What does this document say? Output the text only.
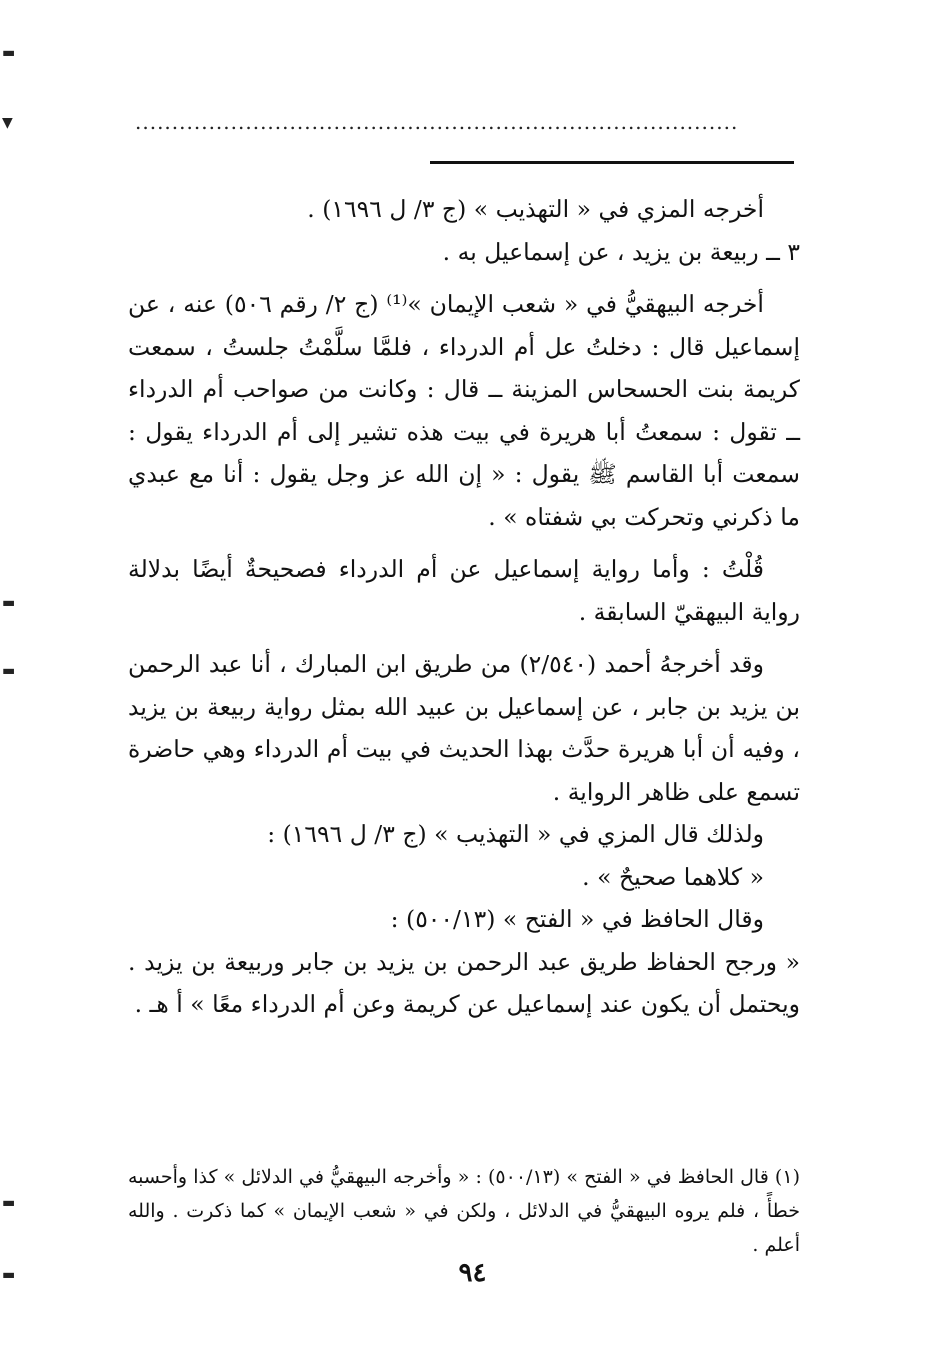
▬
▼
▬
▬
▬
▬
..................................................................................

أخرجه المزي في « التهذيب » (ج ٣/ ل ١٦٩٦) .

٣ ــ ربيعة بن يزيد ، عن إسماعيل به .

أخرجه البيهقيُّ في « شعب الإيمان »⁽¹⁾ (ج ٢/ رقم ٥٠٦) عنه ، عن إسماعيل قال : دخلتُ عل أم الدرداء ، فلمَّا سلَّمْتُ جلستُ ، سمعت كريمة بنت الحسحاس المزينة ــ قال : وكانت من صواحب أم الدرداء ــ تقول : سمعتُ أبا هريرة في بيت هذه تشير إلى أم الدرداء يقول : سمعت أبا القاسم ﷺ يقول : « إن الله عز وجل يقول : أنا مع عبدي ما ذكرني وتحركت بي شفتاه » .

قُلْتُ : وأما رواية إسماعيل عن أم الدرداء فصحيحةٌ أيضًا بدلالة رواية البيهقيّ السابقة .

وقد أخرجهُ أحمد (٢/٥٤٠) من طريق ابن المبارك ، أنا عبد الرحمن بن يزيد بن جابر ، عن إسماعيل بن عبيد الله بمثل رواية ربيعة بن يزيد ، وفيه أن أبا هريرة حدَّث بهذا الحديث في بيت أم الدرداء وهي حاضرة تسمع على ظاهر الرواية .

ولذلك قال المزي في « التهذيب » (ج ٣/ ل ١٦٩٦) :

« كلاهما صحيحٌ » .

وقال الحافظ في « الفتح » (٥٠٠/١٣) :

« ورجح الحفاظ طريق عبد الرحمن بن يزيد بن جابر وربيعة بن يزيد . ويحتمل أن يكون عند إسماعيل عن كريمة وعن أم الدرداء معًا » أ هـ .

(١) قال الحافظ في « الفتح » (٥٠٠/١٣) : « وأخرجه البيهقيُّ في الدلائل » كذا وأحسبه خطأً ، فلم يروه البيهقيُّ في الدلائل ، ولكن في « شعب الإيمان » كما ذكرت . والله أعلم .

٩٤
